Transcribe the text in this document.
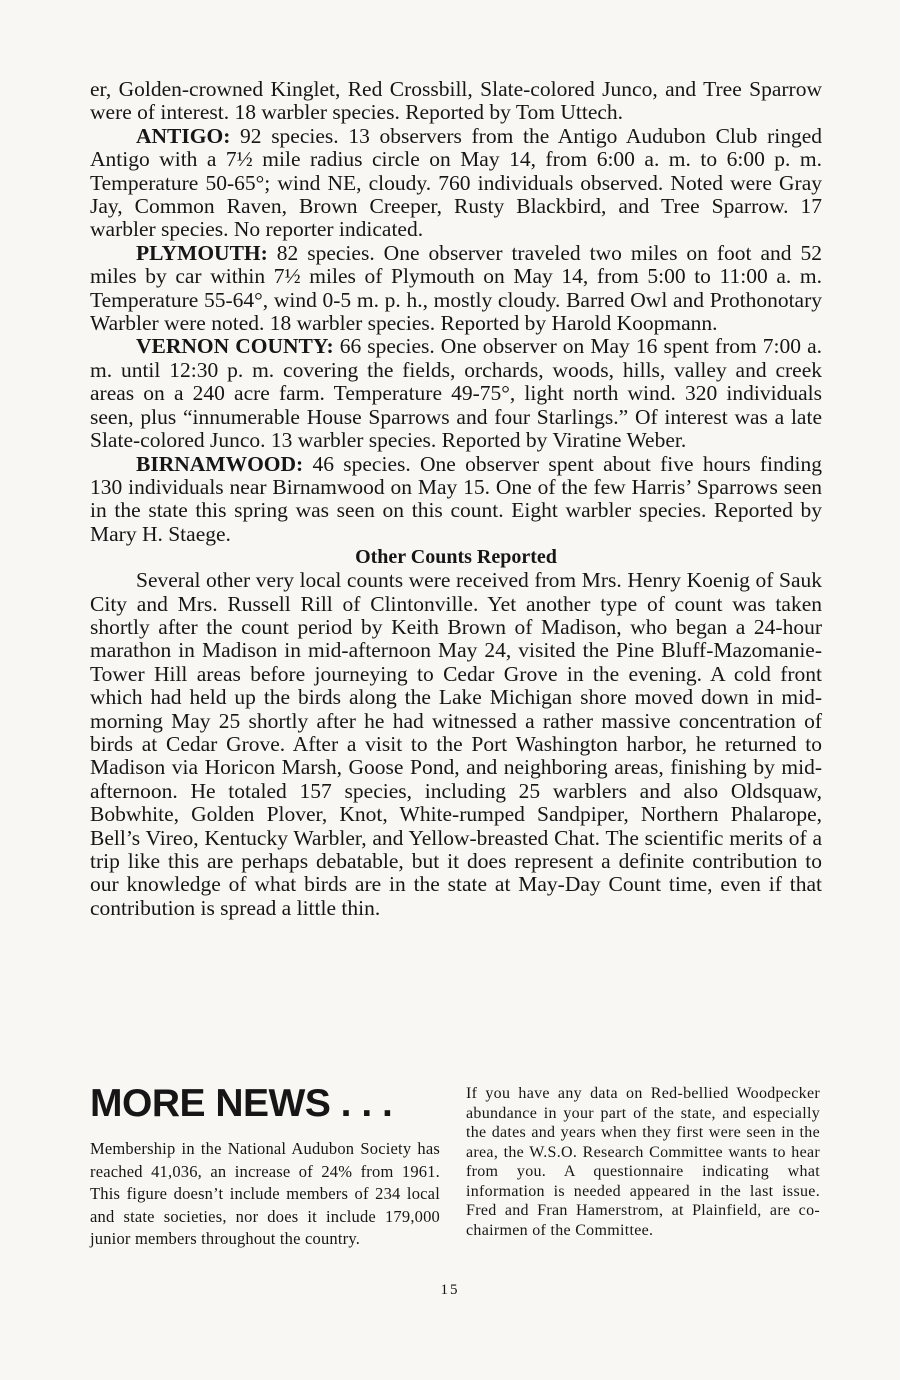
er, Golden-crowned Kinglet, Red Crossbill, Slate-colored Junco, and Tree Sparrow were of interest. 18 warbler species. Reported by Tom Uttech.

ANTIGO: 92 species. 13 observers from the Antigo Audubon Club ringed Antigo with a 7½ mile radius circle on May 14, from 6:00 a. m. to 6:00 p. m. Temperature 50-65°; wind NE, cloudy. 760 individuals observed. Noted were Gray Jay, Common Raven, Brown Creeper, Rusty Blackbird, and Tree Sparrow. 17 warbler species. No reporter indicated.

PLYMOUTH: 82 species. One observer traveled two miles on foot and 52 miles by car within 7½ miles of Plymouth on May 14, from 5:00 to 11:00 a. m. Temperature 55-64°, wind 0-5 m. p. h., mostly cloudy. Barred Owl and Prothonotary Warbler were noted. 18 warbler species. Reported by Harold Koopmann.

VERNON COUNTY: 66 species. One observer on May 16 spent from 7:00 a. m. until 12:30 p. m. covering the fields, orchards, woods, hills, valley and creek areas on a 240 acre farm. Temperature 49-75°, light north wind. 320 individuals seen, plus “innumerable House Sparrows and four Starlings.” Of interest was a late Slate-colored Junco. 13 warbler species. Reported by Viratine Weber.

BIRNAMWOOD: 46 species. One observer spent about five hours finding 130 individuals near Birnamwood on May 15. One of the few Harris’ Sparrows seen in the state this spring was seen on this count. Eight warbler species. Reported by Mary H. Staege.

Other Counts Reported

Several other very local counts were received from Mrs. Henry Koenig of Sauk City and Mrs. Russell Rill of Clintonville. Yet another type of count was taken shortly after the count period by Keith Brown of Madison, who began a 24-hour marathon in Madison in mid-afternoon May 24, visited the Pine Bluff-Mazomanie-Tower Hill areas before journeying to Cedar Grove in the evening. A cold front which had held up the birds along the Lake Michigan shore moved down in mid-morning May 25 shortly after he had witnessed a rather massive concentration of birds at Cedar Grove. After a visit to the Port Washington harbor, he returned to Madison via Horicon Marsh, Goose Pond, and neighboring areas, finishing by mid-afternoon. He totaled 157 species, including 25 warblers and also Oldsquaw, Bobwhite, Golden Plover, Knot, White-rumped Sandpiper, Northern Phalarope, Bell’s Vireo, Kentucky Warbler, and Yellow-breasted Chat. The scientific merits of a trip like this are perhaps debatable, but it does represent a definite contribution to our knowledge of what birds are in the state at May-Day Count time, even if that contribution is spread a little thin.

MORE NEWS . . .

Membership in the National Audubon Society has reached 41,036, an increase of 24% from 1961. This figure doesn’t include members of 234 local and state societies, nor does it include 179,000 junior members throughout the country.

If you have any data on Red-bellied Woodpecker abundance in your part of the state, and especially the dates and years when they first were seen in the area, the W.S.O. Research Committee wants to hear from you. A questionnaire indicating what information is needed appeared in the last issue. Fred and Fran Hamerstrom, at Plainfield, are co-chairmen of the Committee.

15
